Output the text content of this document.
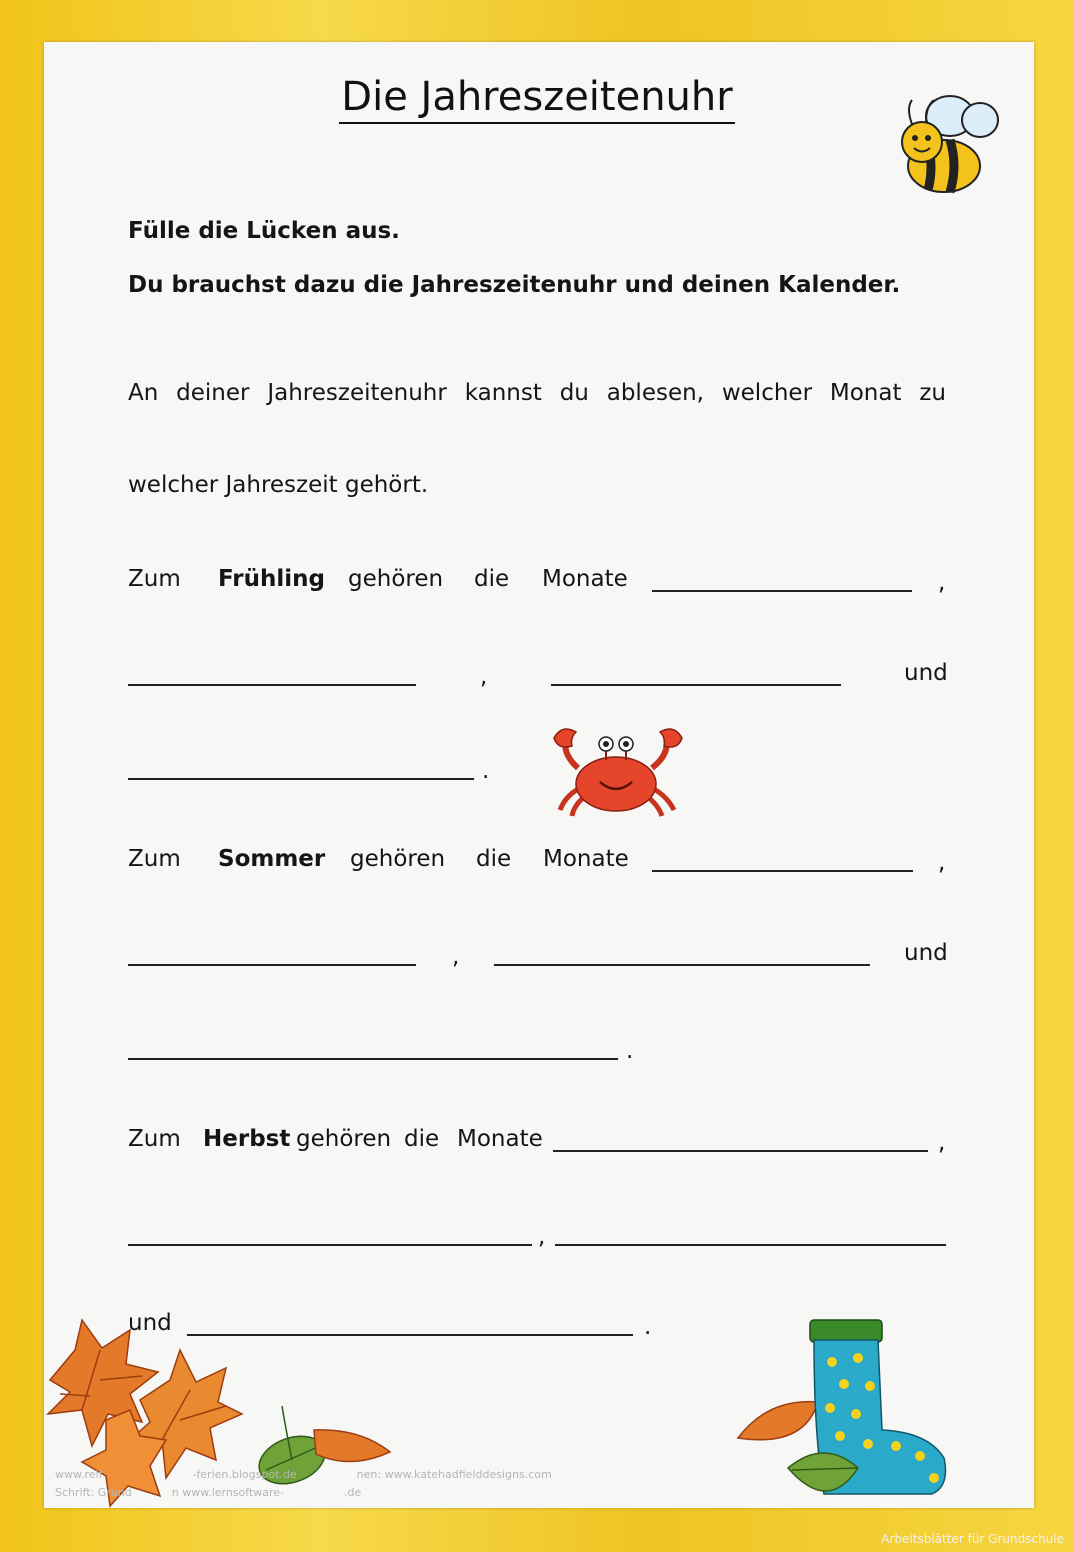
Die Jahreszeitenuhr
Fülle die Lücken aus.
Du brauchst dazu die Jahreszeitenuhr und deinen Kalender.
An deiner Jahreszeitenuhr kannst du ablesen, welcher Monat zu
welcher Jahreszeit gehört.
Zum Frühling gehören die Monate	,
,	und
.
Zum Sommer gehören die Monate	,
,	und
.
Zum Herbst gehören die Monate	,
,
und	.
www.reif	-ferien.blogspot.de	nen: www.katehadfielddesigns.com
Schrift: Grund	n www.lernsoftware-	.de
Arbeitsblätter für Grundschule
